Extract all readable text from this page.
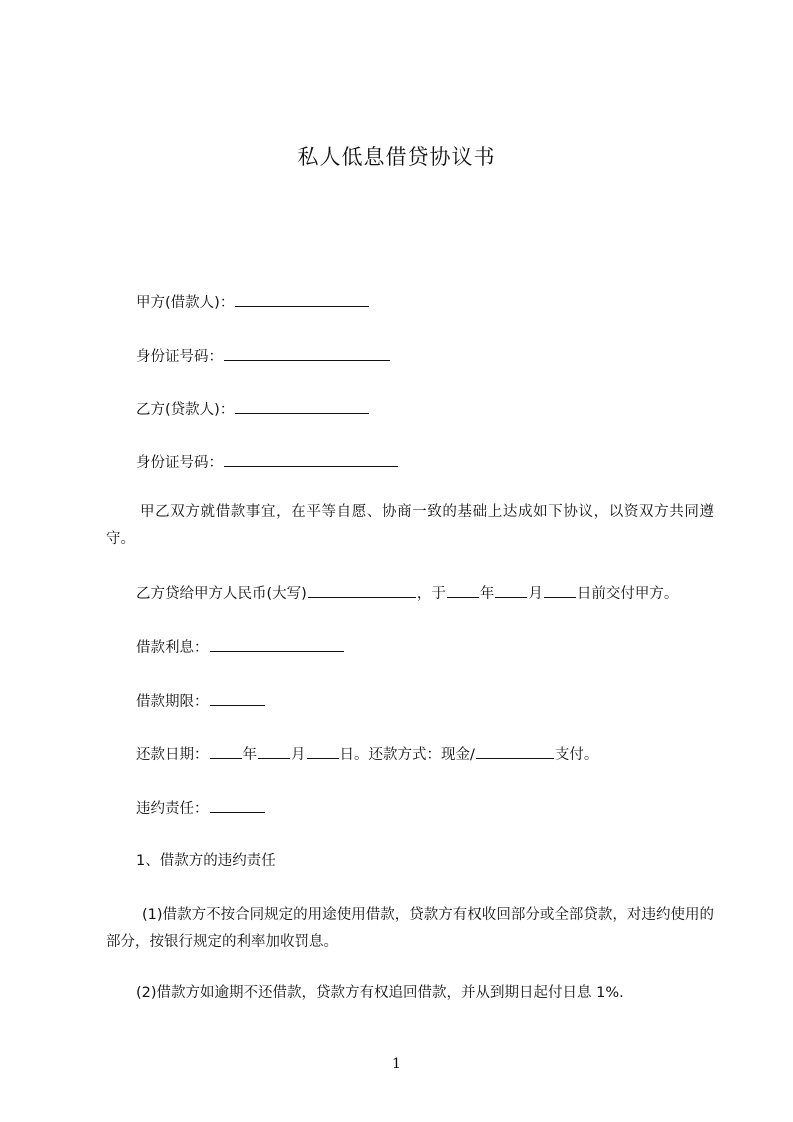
私人低息借贷协议书
甲方(借款人)：
身份证号码：
乙方(贷款人)：
身份证号码：
甲乙双方就借款事宜，在平等自愿、协商一致的基础上达成如下协议，以资双方共同遵守。
乙方贷给甲方人民币(大写)	，于 年 月 日前交付甲方。
借款利息：
借款期限：
还款日期： 年 月 日。还款方式：现金/	支付。
违约责任：
1、借款方的违约责任
(1)借款方不按合同规定的用途使用借款，贷款方有权收回部分或全部贷款，对违约使用的部分，按银行规定的利率加收罚息。
(2)借款方如逾期不还借款，贷款方有权追回借款，并从到期日起付日息 1%.
1
